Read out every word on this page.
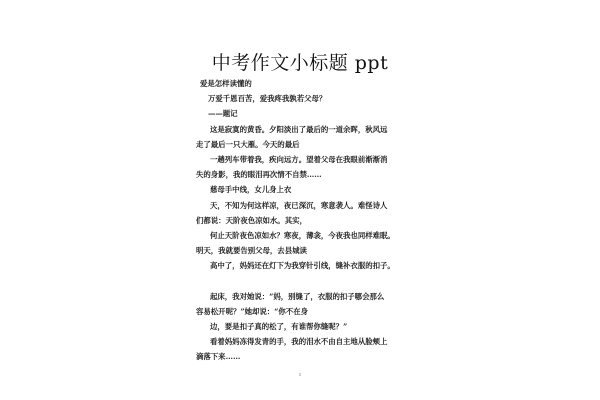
中考作文小标题 ppt
爱是怎样读懂的
万爱千恩百苦，爱我疼我孰若父母？
——题记
这是寂寞的黄昏。夕阳淡出了最后的一道余晖，秋风远
走了最后一只大雁。今天的最后
一趟列车带着我，疾向远方。望着父母在我眼前渐渐消
失的身影，我的眼泪再次情不自禁……
慈母手中线，女儿身上衣
天，不知为何这样凉，夜已深沉，寒意袭人。难怪诗人
们都说：天阶夜色凉如水。其实，
何止天阶夜色凉如水？寒夜，薄衾，今夜我也同样难眠。
明天，我就要告别父母，去县城读
高中了，妈妈还在灯下为我穿针引线，缝补衣服的扣子。
起床，我对她说：“妈，别缝了，衣服的扣子哪会那么
容易松开呢？”她却说：“你不在身
边，要是扣子真的松了，有谁帮你缝呢？”
看着妈妈冻得发青的手，我的泪水不由自主地从脸颊上
滴落下来……
1
